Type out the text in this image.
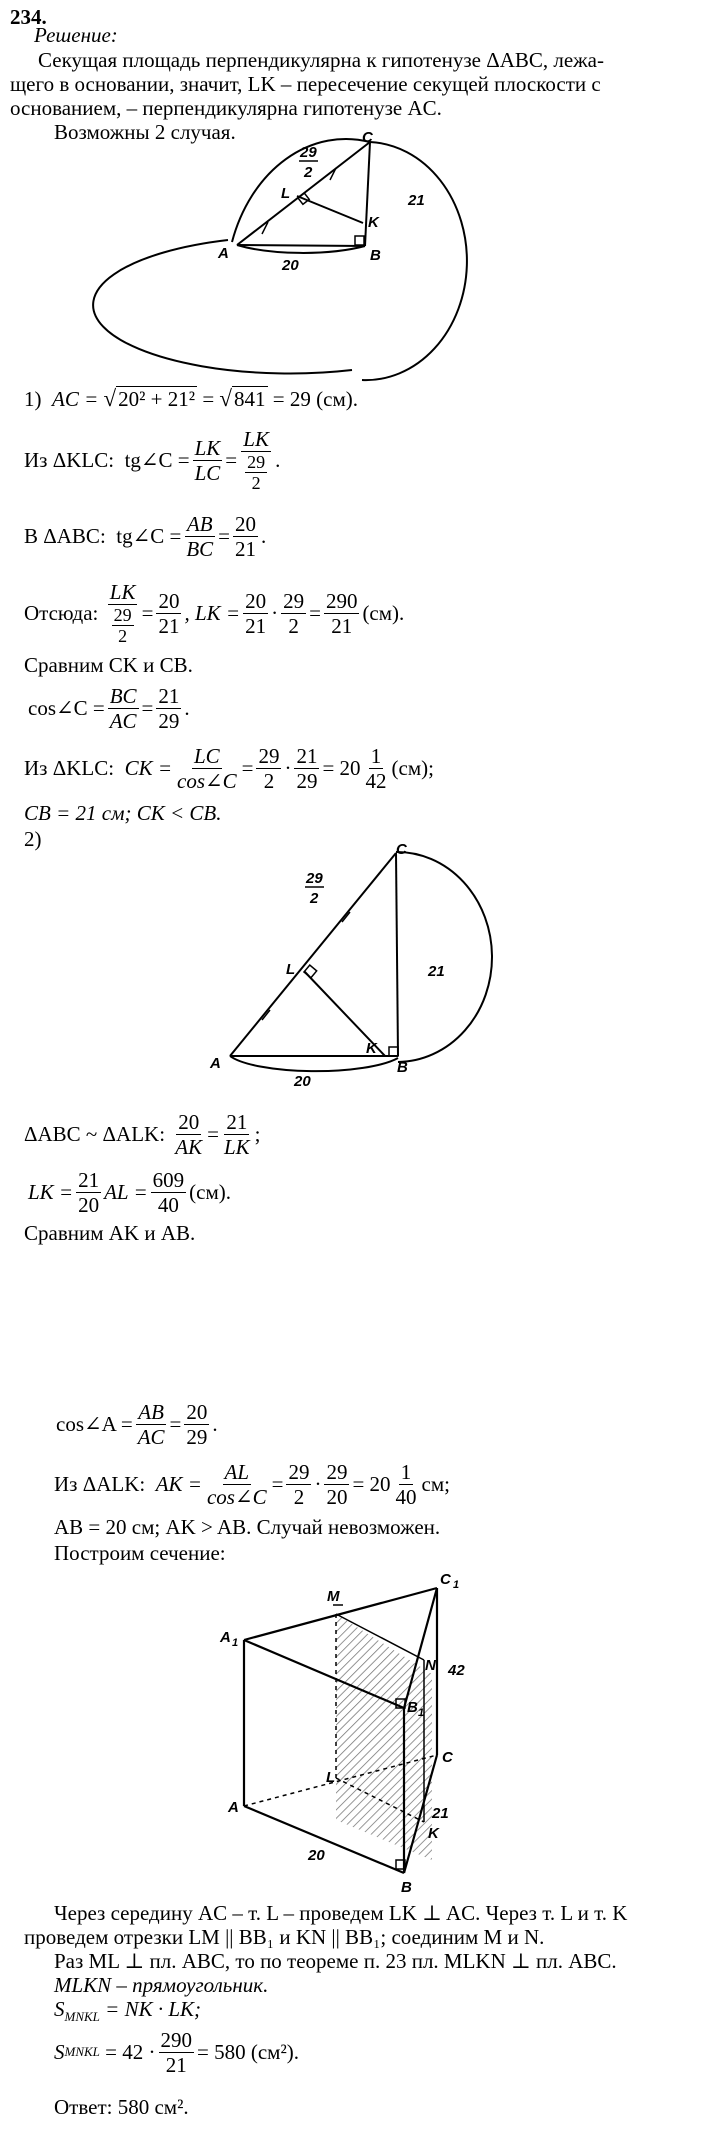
234.
Решение:
Секущая площадь перпендикулярна к гипотенузе ΔABC, лежа-
щего в основании, значит, LK – пересечение секущей плоскости с
основанием, – перпендикулярна гипотенузе AC.
Возможны 2 случая.	C
L
K
A	B
29
2
20
21
1) AC = √20² + 21² = √841 = 29 (см).
Из ΔKLC:
tg∠C = $\frac{LK}{LC} = \frac{LK}{\frac{29}{2}}$ .
В ΔABC:
tg∠C = $\frac{AB}{BC} = \frac{20}{21}$ .
Отсюда:
$\frac{LK}{\frac{29}{2}} = \frac{20}{21}$ , LK = $\frac{20}{21} \cdot \frac{29}{2} = \frac{290}{21} (см)$.
Сравним CK и CB.
cos∠C = $\frac{BC}{AC} = \frac{21}{29}$ .
Из ΔKLC:
CK = $\frac{LC}{\cos\angle C} = \frac{29}{2} \cdot \frac{21}{29} = 20 \frac{1}{42} (см)$;
CB = 21 см; CK < CB.
2)	C
L
K
A	B
29
2
20
21
ΔABC ~ ΔALK:
$\frac{20}{AK} = \frac{21}{LK}$ ;
LK = $\frac{21}{20}$ AL = $\frac{609}{40} (см)$.
Сравним AK и AB.
cos∠A = $\frac{AB}{AC} = \frac{20}{29}$ .
Из ΔALK:
AK = $\frac{AL}{\cos\angle C} = \frac{29}{2} \cdot \frac{29}{20} = 20 \frac{1}{40}$ см;
AB = 20 см; AK > AB. Случай невозможен.
Построим сечение:
M
C 1
A 1
N
B 1
42
C
L
A	21
K
20
B
Через середину AC – т. L – проведем LK ⊥ AC. Через т. L и т. K
проведем отрезки LM || BB₁ и KN || BB₁; соединим M и N.
Раз ML ⊥ пл. ABC, то по теореме п. 23 пл. MLKN ⊥ пл. ABC.
MLKN – прямоугольник.
$S_{MNKL}$ = NK · LK;
S MNKL
= $42 \cdot \frac{290}{21} = 580$ (см²).
Ответ: 580 см².
